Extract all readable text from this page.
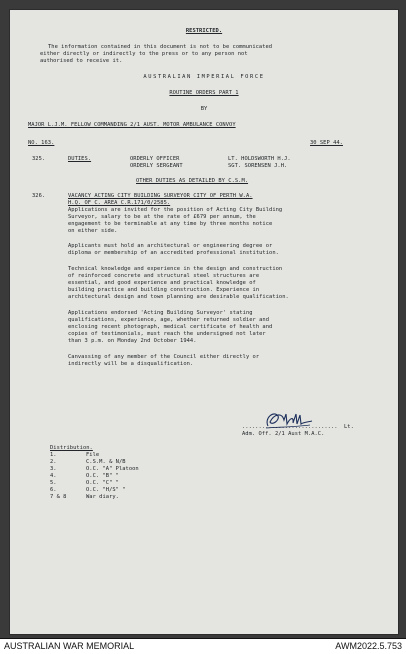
RESTRICTED.
The information contained in this document is not to be communicated
either directly or indirectly to the press or to any person not
authorised to receive it.
AUSTRALIAN IMPERIAL FORCE
ROUTINE ORDERS PART 1
BY
MAJOR L.J.M. FELLOW COMMANDING 2/1 AUST. MOTOR AMBULANCE CONVOY
NO. 163.	30 SEP 44.
325.	DUTIES.	ORDERLY OFFICER	LT. HOLDSWORTH H.J.
ORDERLY SERGEANT	SGT. SORENSEN J.H.
OTHER DUTIES AS DETAILED BY C.S.M.
326.	VACANCY ACTING CITY BUILDING SURVEYOR CITY OF PERTH W.A.
H.Q. OF C. AREA C.R.171/0/2585.
Applications are invited for the position of Acting City Building
Surveyor, salary to be at the rate of £679 per annum, the
engagement to be terminable at any time by three months notice
on either side.
Applicants must hold an architectural or engineering degree or
diploma or membership of an accredited professional institution.
Technical knowledge and experience in the design and construction
of reinforced concrete and structural steel structures are
essential, and good experience and practical knowledge of
building practice and building construction. Experience in
architectural design and town planning are desirable qualification.
Applications endorsed 'Acting Building Surveyor' stating
qualifications, experience, age, whether returned soldier and
enclosing recent photograph, medical certificate of health and
copies of testimonials, must reach the undersigned not later
than 3 p.m. on Monday 2nd October 1944.
Canvassing of any member of the Council either directly or
indirectly will be a disqualification.
............................. Lt.
Adm. Off. 2/1 Aust M.A.C.
Distribution.
1.	File
2.	C.S.M. & N/B
3.	O.C. "A" Platoon
4.	O.C. "B" "
5.	O.C. "C" "
6.	O.C. "H/S" "
7 & 8	War diary.
AUSTRALIAN WAR MEMORIAL	AWM2022.5.753
